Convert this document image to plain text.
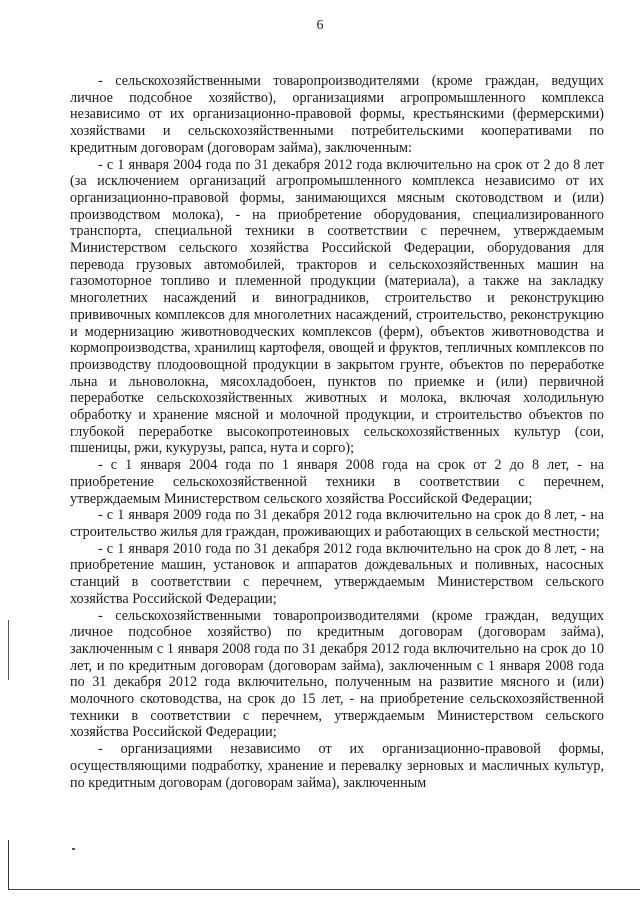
6

- сельскохозяйственными товаропроизводителями (кроме граждан, ведущих личное подсобное хозяйство), организациями агропромышленного комплекса независимо от их организационно-правовой формы, крестьянскими (фермерскими) хозяйствами и сельскохозяйственными потребительскими кооперативами по кредитным договорам (договорам займа), заключенным:

- с 1 января 2004 года по 31 декабря 2012 года включительно на срок от 2 до 8 лет (за исключением организаций агропромышленного комплекса независимо от их организационно-правовой формы, занимающихся мясным скотоводством и (или) производством молока), - на приобретение оборудования, специализированного транспорта, специальной техники в соответствии с перечнем, утверждаемым Министерством сельского хозяйства Российской Федерации, оборудования для перевода грузовых автомобилей, тракторов и сельскохозяйственных машин на газомоторное топливо и племенной продукции (материала), а также на закладку многолетних насаждений и виноградников, строительство и реконструкцию прививочных комплексов для многолетних насаждений, строительство, реконструкцию и модернизацию животноводческих комплексов (ферм), объектов животноводства и кормопроизводства, хранилищ картофеля, овощей и фруктов, тепличных комплексов по производству плодоовощной продукции в закрытом грунте, объектов по переработке льна и льноволокна, мясохладобоен, пунктов по приемке и (или) первичной переработке сельскохозяйственных животных и молока, включая холодильную обработку и хранение мясной и молочной продукции, и строительство объектов по глубокой переработке высокопротеиновых сельскохозяйственных культур (сои, пшеницы, ржи, кукурузы, рапса, нута и сорго);

- с 1 января 2004 года по 1 января 2008 года на срок от 2 до 8 лет, - на приобретение сельскохозяйственной техники в соответствии с перечнем, утверждаемым Министерством сельского хозяйства Российской Федерации;

- с 1 января 2009 года по 31 декабря 2012 года включительно на срок до 8 лет, - на строительство жилья для граждан, проживающих и работающих в сельской местности;

- с 1 января 2010 года по 31 декабря 2012 года включительно на срок до 8 лет, - на приобретение машин, установок и аппаратов дождевальных и поливных, насосных станций в соответствии с перечнем, утверждаемым Министерством сельского хозяйства Российской Федерации;

- сельскохозяйственными товаропроизводителями (кроме граждан, ведущих личное подсобное хозяйство) по кредитным договорам (договорам займа), заключенным с 1 января 2008 года по 31 декабря 2012 года включительно на срок до 10 лет, и по кредитным договорам (договорам займа), заключенным с 1 января 2008 года по 31 декабря 2012 года включительно, полученным на развитие мясного и (или) молочного скотоводства, на срок до 15 лет, - на приобретение сельскохозяйственной техники в соответствии с перечнем, утверждаемым Министерством сельского хозяйства Российской Федерации;

- организациями независимо от их организационно-правовой формы, осуществляющими подработку, хранение и перевалку зерновых и масличных культур, по кредитным договорам (договорам займа), заключенным
